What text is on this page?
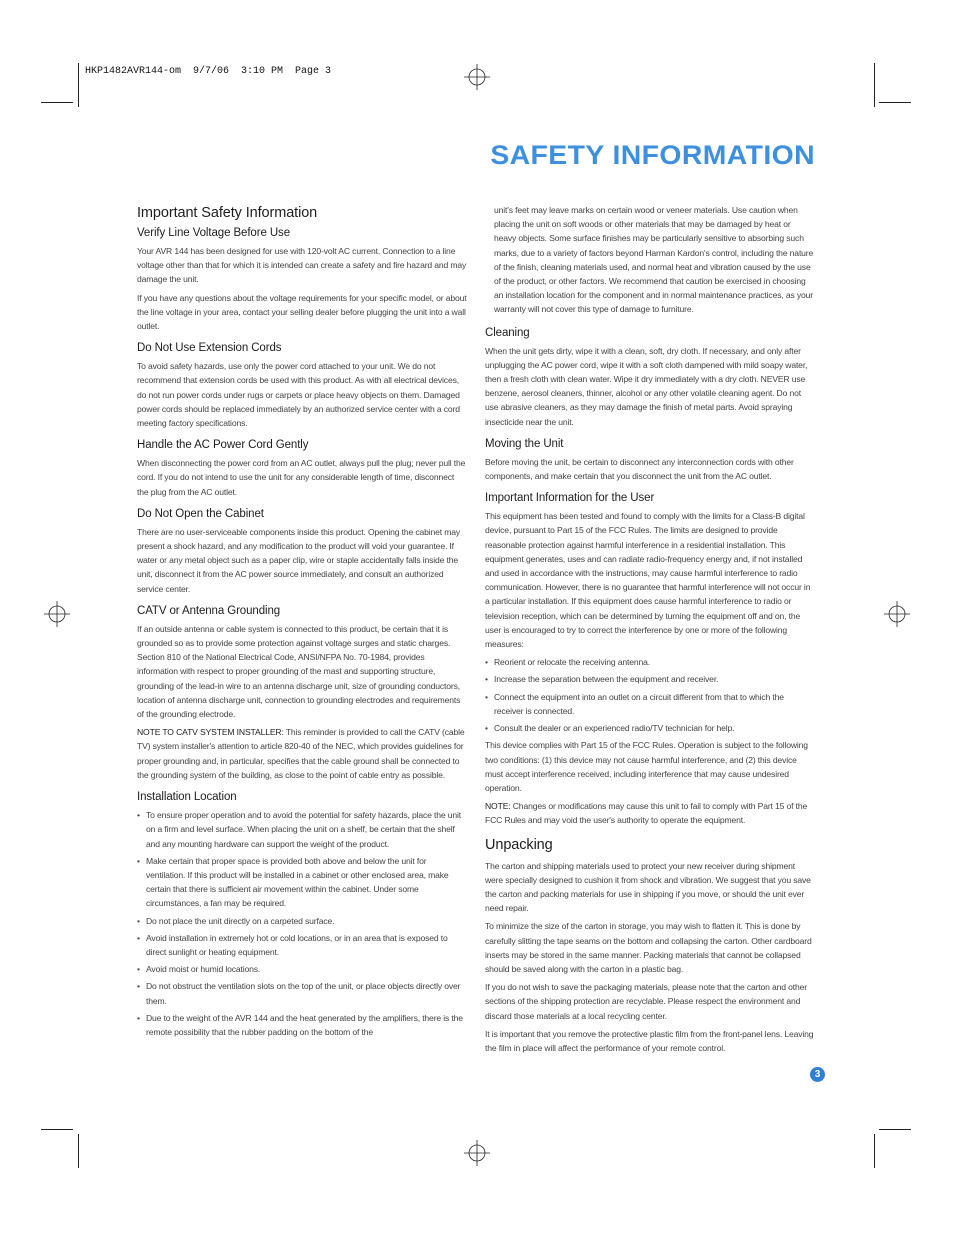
HKP1482AVR144-om  9/7/06  3:10 PM  Page 3
SAFETY INFORMATION
Important Safety Information
Verify Line Voltage Before Use

Your AVR 144 has been designed for use with 120-volt AC current. Connection to a line voltage other than that for which it is intended can create a safety and fire hazard and may damage the unit.

If you have any questions about the voltage requirements for your specific model, or about the line voltage in your area, contact your selling dealer before plugging the unit into a wall outlet.

Do Not Use Extension Cords

To avoid safety hazards, use only the power cord attached to your unit. We do not recommend that extension cords be used with this product. As with all electrical devices, do not run power cords under rugs or carpets or place heavy objects on them. Damaged power cords should be replaced immediately by an authorized service center with a cord meeting factory specifications.

Handle the AC Power Cord Gently

When disconnecting the power cord from an AC outlet, always pull the plug; never pull the cord. If you do not intend to use the unit for any considerable length of time, disconnect the plug from the AC outlet.

Do Not Open the Cabinet

There are no user-serviceable components inside this product. Opening the cabinet may present a shock hazard, and any modification to the product will void your guarantee. If water or any metal object such as a paper clip, wire or staple accidentally falls inside the unit, disconnect it from the AC power source immediately, and consult an authorized service center.

CATV or Antenna Grounding

If an outside antenna or cable system is connected to this product, be certain that it is grounded so as to provide some protection against voltage surges and static charges. Section 810 of the National Electrical Code, ANSI/NFPA No. 70-1984, provides information with respect to proper grounding of the mast and supporting structure, grounding of the lead-in wire to an antenna discharge unit, size of grounding conductors, location of antenna discharge unit, connection to grounding electrodes and requirements of the grounding electrode.

NOTE TO CATV SYSTEM INSTALLER: This reminder is provided to call the CATV (cable TV) system installer's attention to article 820-40 of the NEC, which provides guidelines for proper grounding and, in particular, specifies that the cable ground shall be connected to the grounding system of the building, as close to the point of cable entry as possible.

Installation Location
• To ensure proper operation and to avoid the potential for safety hazards, place the unit on a firm and level surface. When placing the unit on a shelf, be certain that the shelf and any mounting hardware can support the weight of the product.
• Make certain that proper space is provided both above and below the unit for ventilation. If this product will be installed in a cabinet or other enclosed area, make certain that there is sufficient air movement within the cabinet. Under some circumstances, a fan may be required.
• Do not place the unit directly on a carpeted surface.
• Avoid installation in extremely hot or cold locations, or in an area that is exposed to direct sunlight or heating equipment.
• Avoid moist or humid locations.
• Do not obstruct the ventilation slots on the top of the unit, or place objects directly over them.
• Due to the weight of the AVR 144 and the heat generated by the amplifiers, there is the remote possibility that the rubber padding on the bottom of the

unit's feet may leave marks on certain wood or veneer materials. Use caution when placing the unit on soft woods or other materials that may be damaged by heat or heavy objects. Some surface finishes may be particularly sensitive to absorbing such marks, due to a variety of factors beyond Harman Kardon's control, including the nature of the finish, cleaning materials used, and normal heat and vibration caused by the use of the product, or other factors. We recommend that caution be exercised in choosing an installation location for the component and in normal maintenance practices, as your warranty will not cover this type of damage to furniture.

Cleaning

When the unit gets dirty, wipe it with a clean, soft, dry cloth. If necessary, and only after unplugging the AC power cord, wipe it with a soft cloth dampened with mild soapy water, then a fresh cloth with clean water. Wipe it dry immediately with a dry cloth. NEVER use benzene, aerosol cleaners, thinner, alcohol or any other volatile cleaning agent. Do not use abrasive cleaners, as they may damage the finish of metal parts. Avoid spraying insecticide near the unit.

Moving the Unit

Before moving the unit, be certain to disconnect any interconnection cords with other components, and make certain that you disconnect the unit from the AC outlet.

Important Information for the User

This equipment has been tested and found to comply with the limits for a Class-B digital device, pursuant to Part 15 of the FCC Rules. The limits are designed to provide reasonable protection against harmful interference in a residential installation. This equipment generates, uses and can radiate radio-frequency energy and, if not installed and used in accordance with the instructions, may cause harmful interference to radio communication. However, there is no guarantee that harmful interference will not occur in a particular installation. If this equipment does cause harmful interference to radio or television reception, which can be determined by turning the equipment off and on, the user is encouraged to try to correct the interference by one or more of the following measures:

• Reorient or relocate the receiving antenna.
• Increase the separation between the equipment and receiver.
• Connect the equipment into an outlet on a circuit different from that to which the receiver is connected.
• Consult the dealer or an experienced radio/TV technician for help.

This device complies with Part 15 of the FCC Rules. Operation is subject to the following two conditions: (1) this device may not cause harmful interference, and (2) this device must accept interference received, including interference that may cause undesired operation.

NOTE: Changes or modifications may cause this unit to fail to comply with Part 15 of the FCC Rules and may void the user's authority to operate the equipment.

Unpacking

The carton and shipping materials used to protect your new receiver during shipment were specially designed to cushion it from shock and vibration. We suggest that you save the carton and packing materials for use in shipping if you move, or should the unit ever need repair.

To minimize the size of the carton in storage, you may wish to flatten it. This is done by carefully slitting the tape seams on the bottom and collapsing the carton. Other cardboard inserts may be stored in the same manner. Packing materials that cannot be collapsed should be saved along with the carton in a plastic bag.

If you do not wish to save the packaging materials, please note that the carton and other sections of the shipping protection are recyclable. Please respect the environment and discard those materials at a local recycling center.

It is important that you remove the protective plastic film from the front-panel lens. Leaving the film in place will affect the performance of your remote control.

3
